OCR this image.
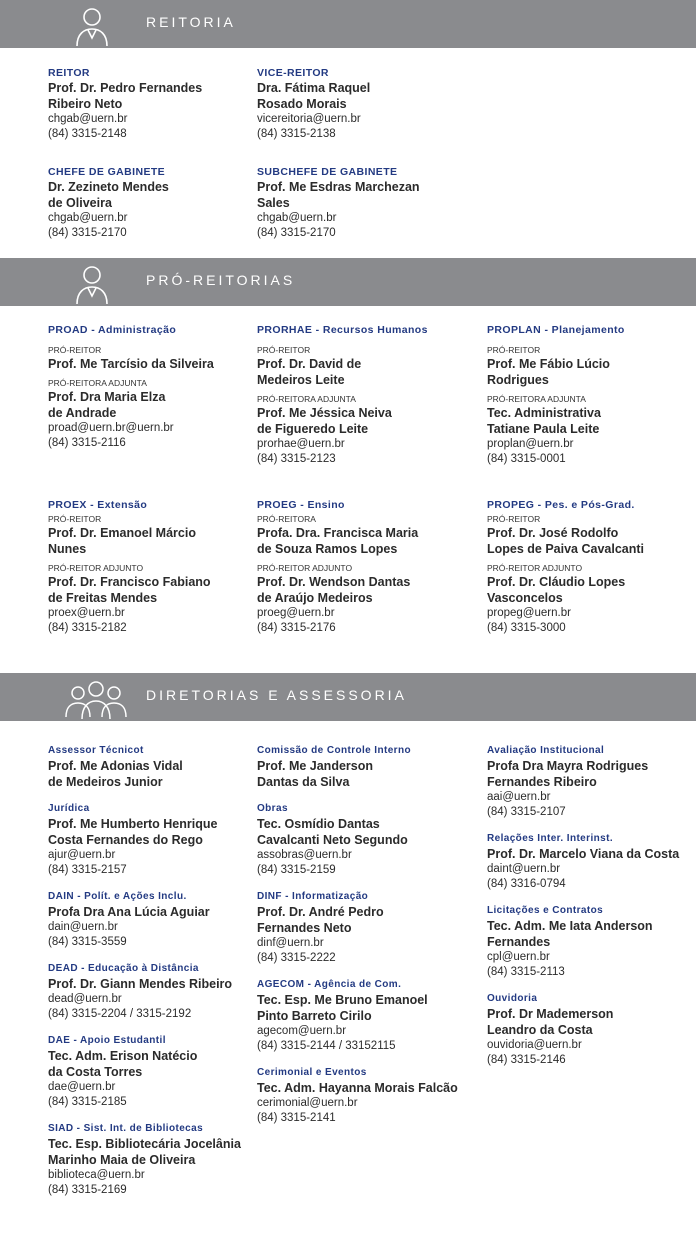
REITORIA
PRÓ-REITORIAS
DIRETORIAS E ASSESSORIA
REITOR
Prof. Dr. Pedro Fernandes
Ribeiro Neto
chgab@uern.br
(84) 3315-2148
VICE-REITOR
Dra. Fátima Raquel
Rosado Morais
vicereitoria@uern.br
(84) 3315-2138
CHEFE DE GABINETE
Dr. Zezineto Mendes
de Oliveira
chgab@uern.br
(84) 3315-2170
SUBCHEFE DE GABINETE
Prof. Me Esdras Marchezan
Sales
chgab@uern.br
(84) 3315-2170
PROAD - Administração
PRÓ-REITOR
Prof. Me Tarcísio da Silveira
PRÓ-REITORA ADJUNTA
Prof. Dra Maria Elza
de Andrade
proad@uern.br@uern.br
(84) 3315-2116
PRORHAE - Recursos Humanos
PRÓ-REITOR
Prof. Dr. David de
Medeiros Leite
PRÓ-REITORA ADJUNTA
Prof. Me Jéssica Neiva
de Figueredo Leite
prorhae@uern.br
(84) 3315-2123
PROPLAN - Planejamento
PRÓ-REITOR
Prof. Me Fábio Lúcio
Rodrigues
PRÓ-REITORA ADJUNTA
Tec. Administrativa
Tatiane Paula Leite
proplan@uern.br
(84) 3315-0001
PROEX - Extensão
PRÓ-REITOR
Prof. Dr. Emanoel Márcio
Nunes
PRÓ-REITOR ADJUNTO
Prof. Dr. Francisco Fabiano
de Freitas Mendes
proex@uern.br
(84) 3315-2182
PROEG - Ensino
PRÓ-REITORA
Profa. Dra. Francisca Maria
de Souza Ramos Lopes
PRÓ-REITOR ADJUNTO
Prof. Dr. Wendson Dantas
de Araújo Medeiros
proeg@uern.br
(84) 3315-2176
PROPEG - Pes. e Pós-Grad.
PRÓ-REITOR
Prof. Dr. José Rodolfo
Lopes de Paiva Cavalcanti
PRÓ-REITOR ADJUNTO
Prof. Dr. Cláudio Lopes
Vasconcelos
propeg@uern.br
(84) 3315-3000
Assessor Técnicot
Prof. Me Adonias Vidal
de Medeiros Junior
Jurídica
Prof. Me Humberto Henrique
Costa Fernandes do Rego
ajur@uern.br
(84) 3315-2157
DAIN - Polít. e Ações Inclu.
Profa Dra Ana Lúcia Aguiar
dain@uern.br
(84) 3315-3559
DEAD - Educação à Distância
Prof. Dr. Giann Mendes Ribeiro
dead@uern.br
(84) 3315-2204 / 3315-2192
DAE - Apoio Estudantil
Tec. Adm. Erison Natécio
da Costa Torres
dae@uern.br
(84) 3315-2185
SIAD - Sist. Int. de Bibliotecas
Tec. Esp. Bibliotecária Jocelânia
Marinho Maia de Oliveira
biblioteca@uern.br
(84) 3315-2169
Comissão de Controle Interno
Prof. Me Janderson
Dantas da Silva
Obras
Tec. Osmídio Dantas
Cavalcanti Neto Segundo
assobras@uern.br
(84) 3315-2159
DINF - Informatização
Prof. Dr. André Pedro
Fernandes Neto
dinf@uern.br
(84) 3315-2222
AGECOM - Agência de Com.
Tec. Esp. Me Bruno Emanoel
Pinto Barreto Cirilo
agecom@uern.br
(84) 3315-2144 / 33152115
Cerimonial e Eventos
Tec. Adm. Hayanna Morais Falcão
cerimonial@uern.br
(84) 3315-2141
Avaliação Institucional
Profa Dra Mayra Rodrigues
Fernandes Ribeiro
aai@uern.br
(84) 3315-2107
Relações Inter. Interinst.
Prof. Dr. Marcelo Viana da Costa
daint@uern.br
(84) 3316-0794
Licitações e Contratos
Tec. Adm. Me Iata Anderson
Fernandes
cpl@uern.br
(84) 3315-2113
Ouvidoria
Prof. Dr Mademerson
Leandro da Costa
ouvidoria@uern.br
(84) 3315-2146
